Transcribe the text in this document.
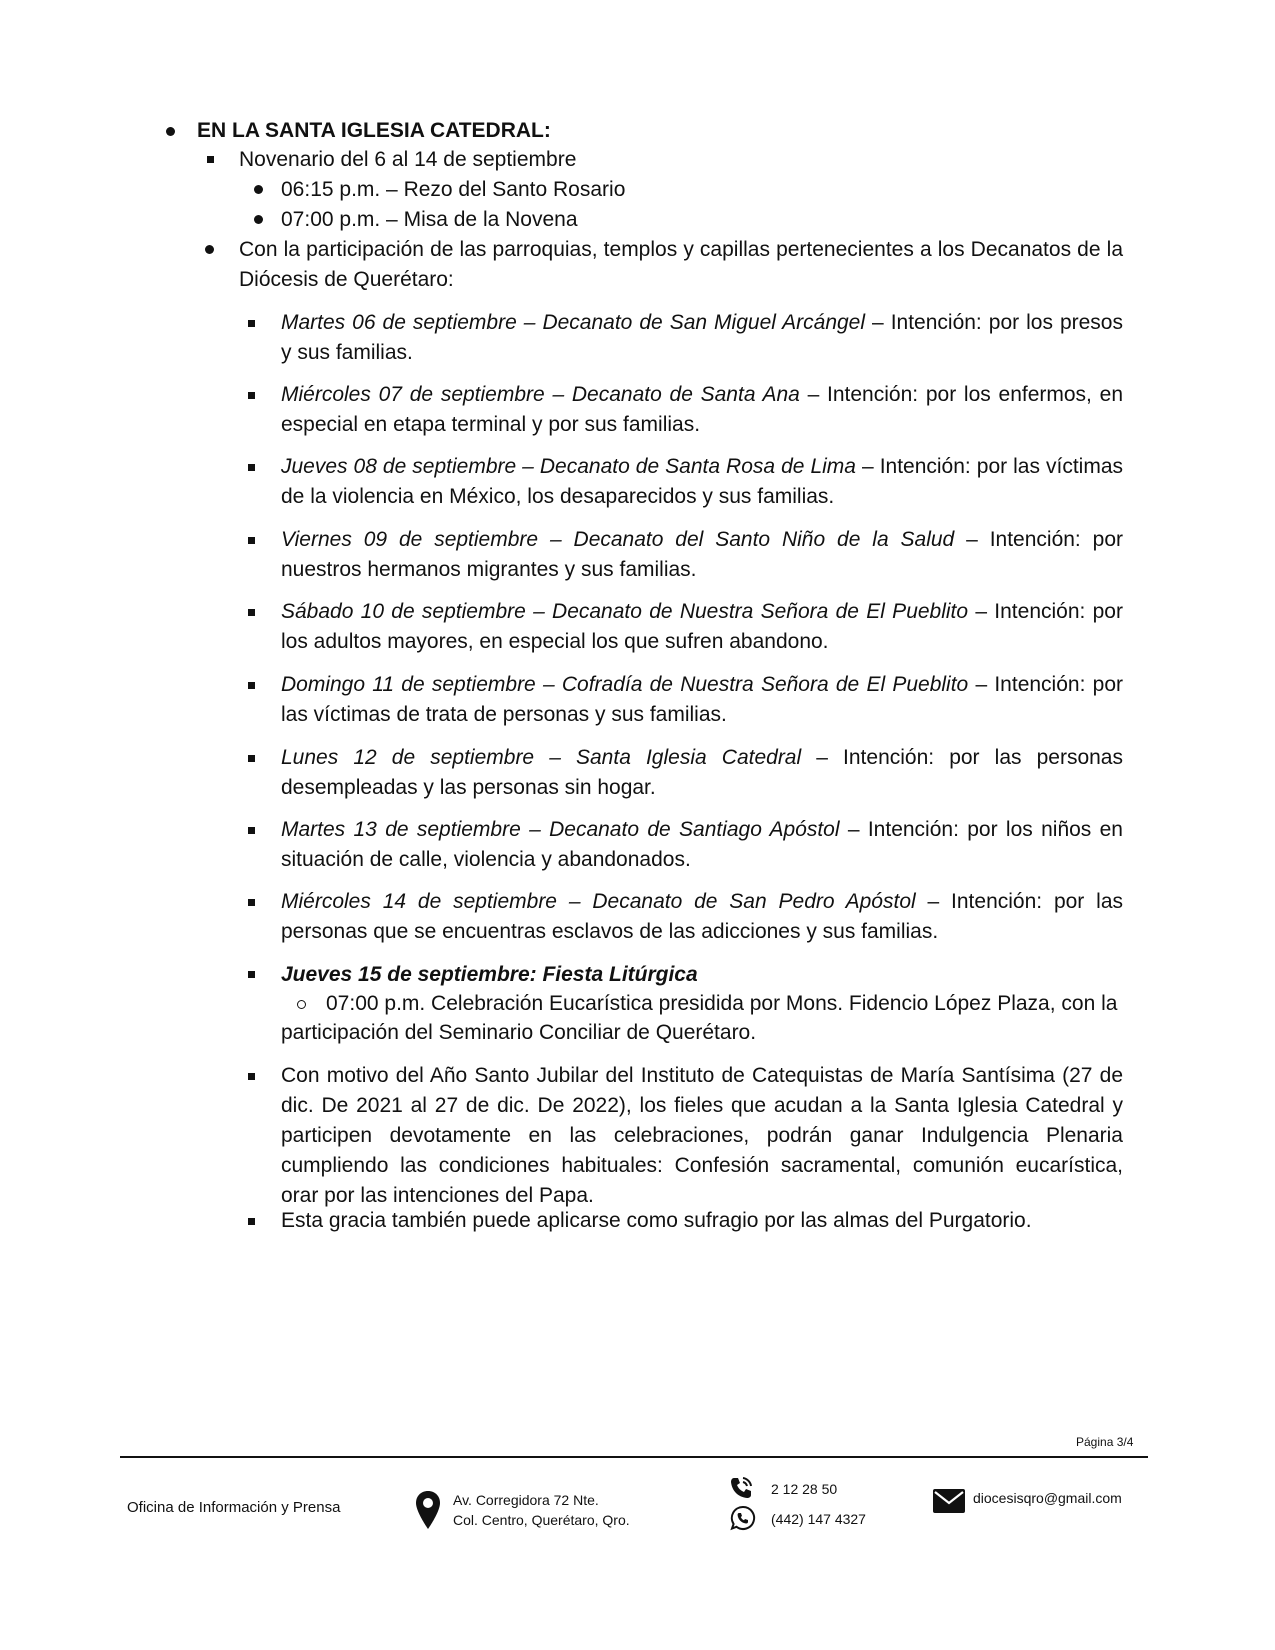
EN LA SANTA IGLESIA CATEDRAL:
Novenario del 6 al 14 de septiembre
06:15 p.m. – Rezo del Santo Rosario
07:00 p.m. – Misa de la Novena
Con la participación de las parroquias, templos y capillas pertenecientes a los Decanatos de la Diócesis de Querétaro:
Martes 06 de septiembre – Decanato de San Miguel Arcángel – Intención: por los presos y sus familias.
Miércoles 07 de septiembre – Decanato de Santa Ana – Intención: por los enfermos, en especial en etapa terminal y por sus familias.
Jueves 08 de septiembre – Decanato de Santa Rosa de Lima – Intención: por las víctimas de la violencia en México, los desaparecidos y sus familias.
Viernes 09 de septiembre – Decanato del Santo Niño de la Salud – Intención: por nuestros hermanos migrantes y sus familias.
Sábado 10 de septiembre – Decanato de Nuestra Señora de El Pueblito – Intención: por los adultos mayores, en especial los que sufren abandono.
Domingo 11 de septiembre – Cofradía de Nuestra Señora de El Pueblito – Intención: por las víctimas de trata de personas y sus familias.
Lunes 12 de septiembre – Santa Iglesia Catedral – Intención: por las personas desempleadas y las personas sin hogar.
Martes 13 de septiembre – Decanato de Santiago Apóstol – Intención: por los niños en situación de calle, violencia y abandonados.
Miércoles 14 de septiembre – Decanato de San Pedro Apóstol – Intención: por las personas que se encuentras esclavos de las adicciones y sus familias.
Jueves 15 de septiembre: Fiesta Litúrgica
07:00 p.m. Celebración Eucarística presidida por Mons. Fidencio López Plaza, con la
participación del Seminario Conciliar de Querétaro.
Con motivo del Año Santo Jubilar del Instituto de Catequistas de María Santísima (27 de dic. De 2021 al 27 de dic. De 2022), los fieles que acudan a la Santa Iglesia Catedral y participen devotamente en las celebraciones, podrán ganar Indulgencia Plenaria cumpliendo las condiciones habituales: Confesión sacramental, comunión eucarística, orar por las intenciones del Papa.
Esta gracia también puede aplicarse como sufragio por las almas del Purgatorio.
Página 3/4
Oficina de Información y Prensa	Av. Corregidora 72 Nte.
Col. Centro, Querétaro, Qro.
2 12 28 50
(442) 147 4327
diocesisqro@gmail.com
